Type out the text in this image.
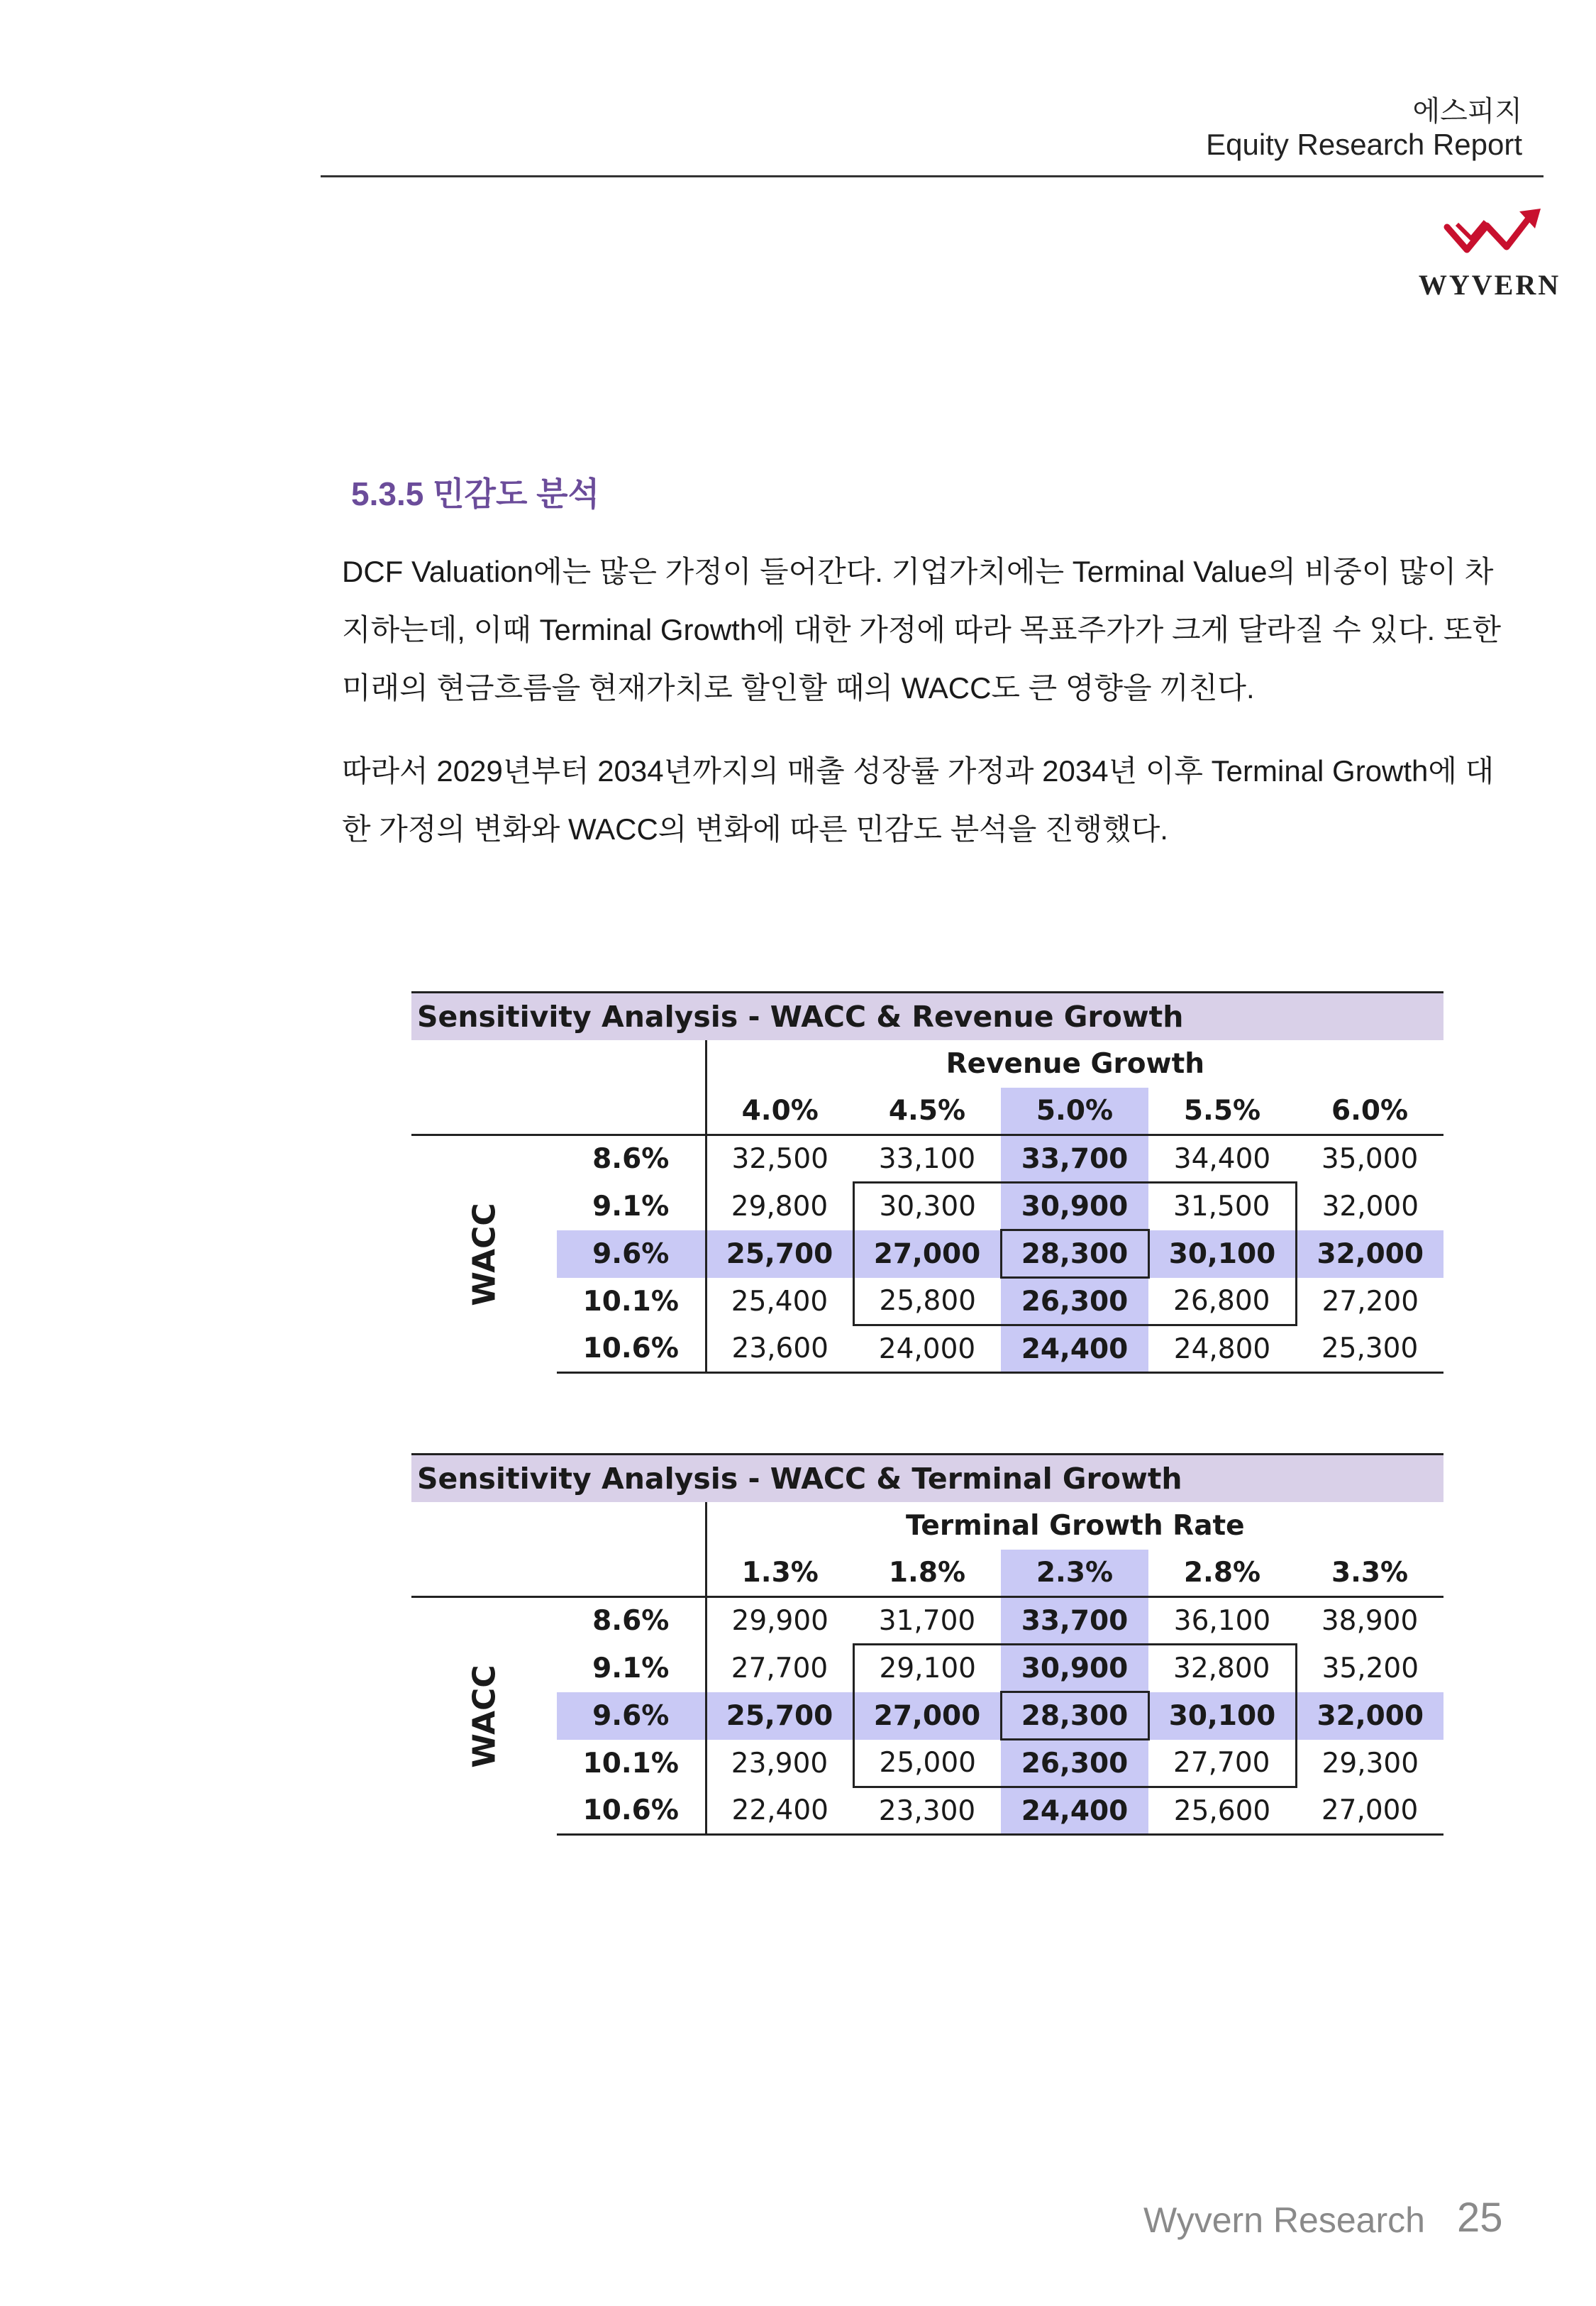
에스피지
Equity Research Report
WYVERN
5.3.5 민감도 분석
DCF Valuation에는 많은 가정이 들어간다. 기업가치에는 Terminal Value의 비중이 많이 차지하는데, 이때 Terminal Growth에 대한 가정에 따라 목표주가가 크게 달라질 수 있다. 또한 미래의 현금흐름을 현재가치로 할인할 때의 WACC도 큰 영향을 끼친다.
따라서 2029년부터 2034년까지의 매출 성장률 가정과 2034년 이후 Terminal Growth에 대한 가정의 변화와 WACC의 변화에 따른 민감도 분석을 진행했다.
Sensitivity Analysis - WACC & Revenue Growth						
		Revenue Growth				
		4.0%	4.5%	5.0%	5.5%	6.0%

WACC	8.6%	32,500	33,100	33,700	34,400	35,000
	9.1%	29,800	30,300	30,900	31,500	32,000
	9.6%	25,700	27,000	28,300	30,100	32,000
	10.1%	25,400	25,800	26,300	26,800	27,200
	10.6%	23,600	24,000	24,400	24,800	25,300
Sensitivity Analysis - WACC & Terminal Growth						
		Terminal Growth Rate				
		1.3%	1.8%	2.3%	2.8%	3.3%

WACC	8.6%	29,900	31,700	33,700	36,100	38,900
	9.1%	27,700	29,100	30,900	32,800	35,200
	9.6%	25,700	27,000	28,300	30,100	32,000
	10.1%	23,900	25,000	26,300	27,700	29,300
	10.6%	22,400	23,300	24,400	25,600	27,000
Wyvern Research 25
